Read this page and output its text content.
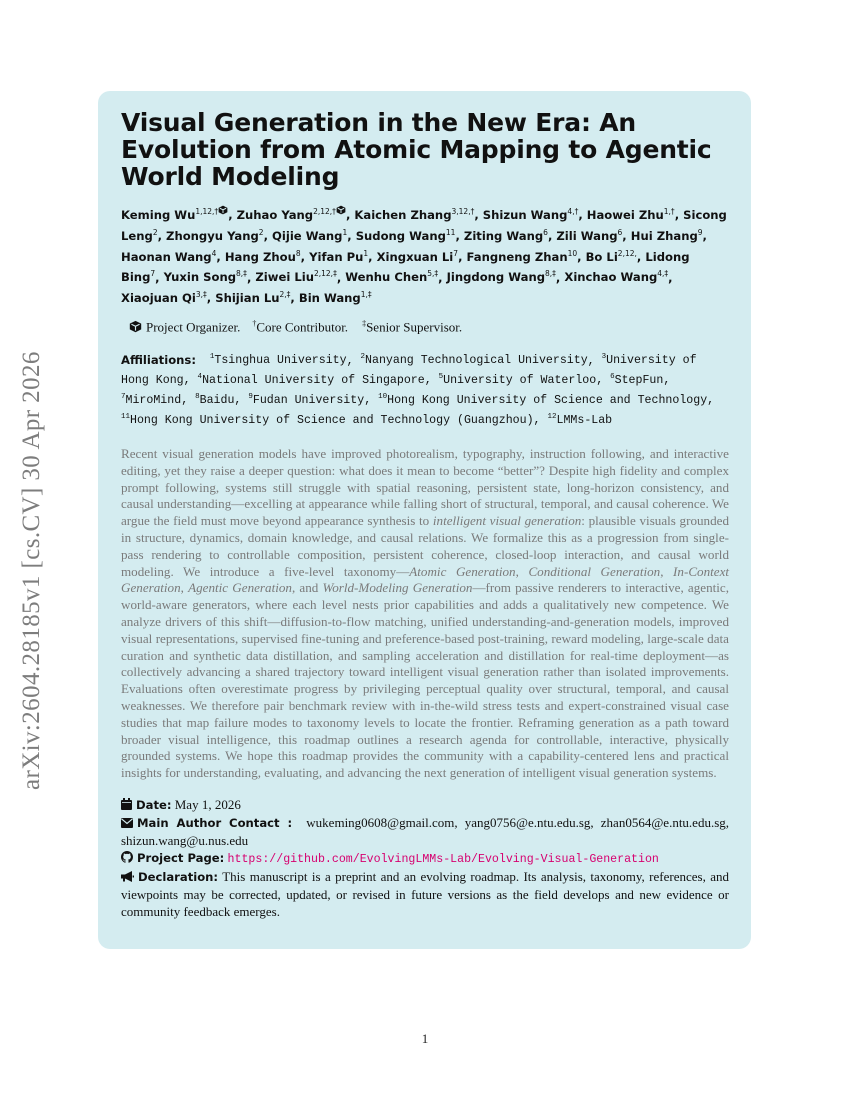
arXiv:2604.28185v1 [cs.CV] 30 Apr 2026
Visual Generation in the New Era: An Evolution from Atomic Mapping to Agentic World Modeling
Keming $Wu^{1,12,\dagger}$ , Zuhao Yang$^{2,12,\dagger}$ , Kaichen Zhang$^{3,12,\dagger}$, Shizun Wang$^{4,\dagger}$, Haowei Zhu$^{1,\dagger}$, Sicong Leng$^2$, Zhongyu Yang$^2$, Qijie Wang$^1$, Sudong Wang$^{11}$, Ziting Wang$^6$, Zili Wang$^6$, Hui Zhang$^9$, Haonan Wang$^4$, Hang Zhou$^8$, Yifan Pu$^1$, Xingxuan Li$^7$, Fangneng Zhan$^{10}$, Bo $Li^{2,12,}$, Lidong Bing$^7$, Yuxin Song$^{8,\ddagger}$, Ziwei Liu$^{2,12,\ddagger}$, Wenhu Chen$^{5,\ddagger}$, Jingdong Wang$^{8,\ddagger}$, Xinchao Wang$^{4,\ddagger}$, Xiaojuan $Qi^{3,\ddagger}$, Shijian $Lu^{2,\ddagger}$, Bin Wang$^{1,\ddagger}$
Project Organizer. †Core Contributor. ‡Senior Supervisor.
Affiliations: $^1$Tsinghua University, $^2$Nanyang Technological University, $^3$University of Hong Kong, $^4$National University of Singapore, $^5$University of Waterloo, $^6$StepFun, $^7$MiroMind, $^8$Baidu, $^9$Fudan University, $^{10}$Hong Kong University of Science and Technology, $^{11}$Hong Kong University of Science and Technology (Guangzhou), $^{12}$LMMs-Lab
Recent visual generation models have improved photorealism, typography, instruction following, and interactive editing, yet they raise a deeper question: what does it mean to become “better”? Despite high fidelity and complex prompt following, systems still struggle with spatial reasoning, persistent state, long-horizon consistency, and causal understanding—excelling at appearance while falling short of structural, temporal, and causal coherence. We argue the field must move beyond appearance synthesis to intelligent visual generation: plausible visuals grounded in structure, dynamics, domain knowledge, and causal relations. We formalize this as a progression from single-pass rendering to controllable composition, persistent coherence, closed-loop interaction, and causal world modeling. We introduce a five-level taxonomy—Atomic Generation, Conditional Generation, In-Context Generation, Agentic Generation, and World-Modeling Generation—from passive renderers to interactive, agentic, world-aware generators, where each level nests prior capabilities and adds a qualitatively new competence. We analyze drivers of this shift—diffusion-to-flow matching, unified understanding-and-generation models, improved visual representations, supervised fine-tuning and preference-based post-training, reward modeling, large-scale data curation and synthetic data distillation, and sampling acceleration and distillation for real-time deployment—as collectively advancing a shared trajectory toward intelligent visual generation rather than isolated improvements. Evaluations often overestimate progress by privileging perceptual quality over structural, temporal, and causal weaknesses. We therefore pair benchmark review with in-the-wild stress tests and expert-constrained visual case studies that map failure modes to taxonomy levels to locate the frontier. Reframing generation as a path toward broader visual intelligence, this roadmap outlines a research agenda for controllable, interactive, physically grounded systems. We hope this roadmap provides the community with a capability-centered lens and practical insights for understanding, evaluating, and advancing the next generation of intelligent visual generation systems.
Date: May 1, 2026
Main Author Contact : wukeming0608@gmail.com, yang0756@e.ntu.edu.sg, zhan0564@e.ntu.edu.sg, shizun.wang@u.nus.edu
Project Page: https://github.com/EvolvingLMMs-Lab/Evolving-Visual-Generation
Declaration: This manuscript is a preprint and an evolving roadmap. Its analysis, taxonomy, references, and viewpoints may be corrected, updated, or revised in future versions as the field develops and new evidence or community feedback emerges.
1
